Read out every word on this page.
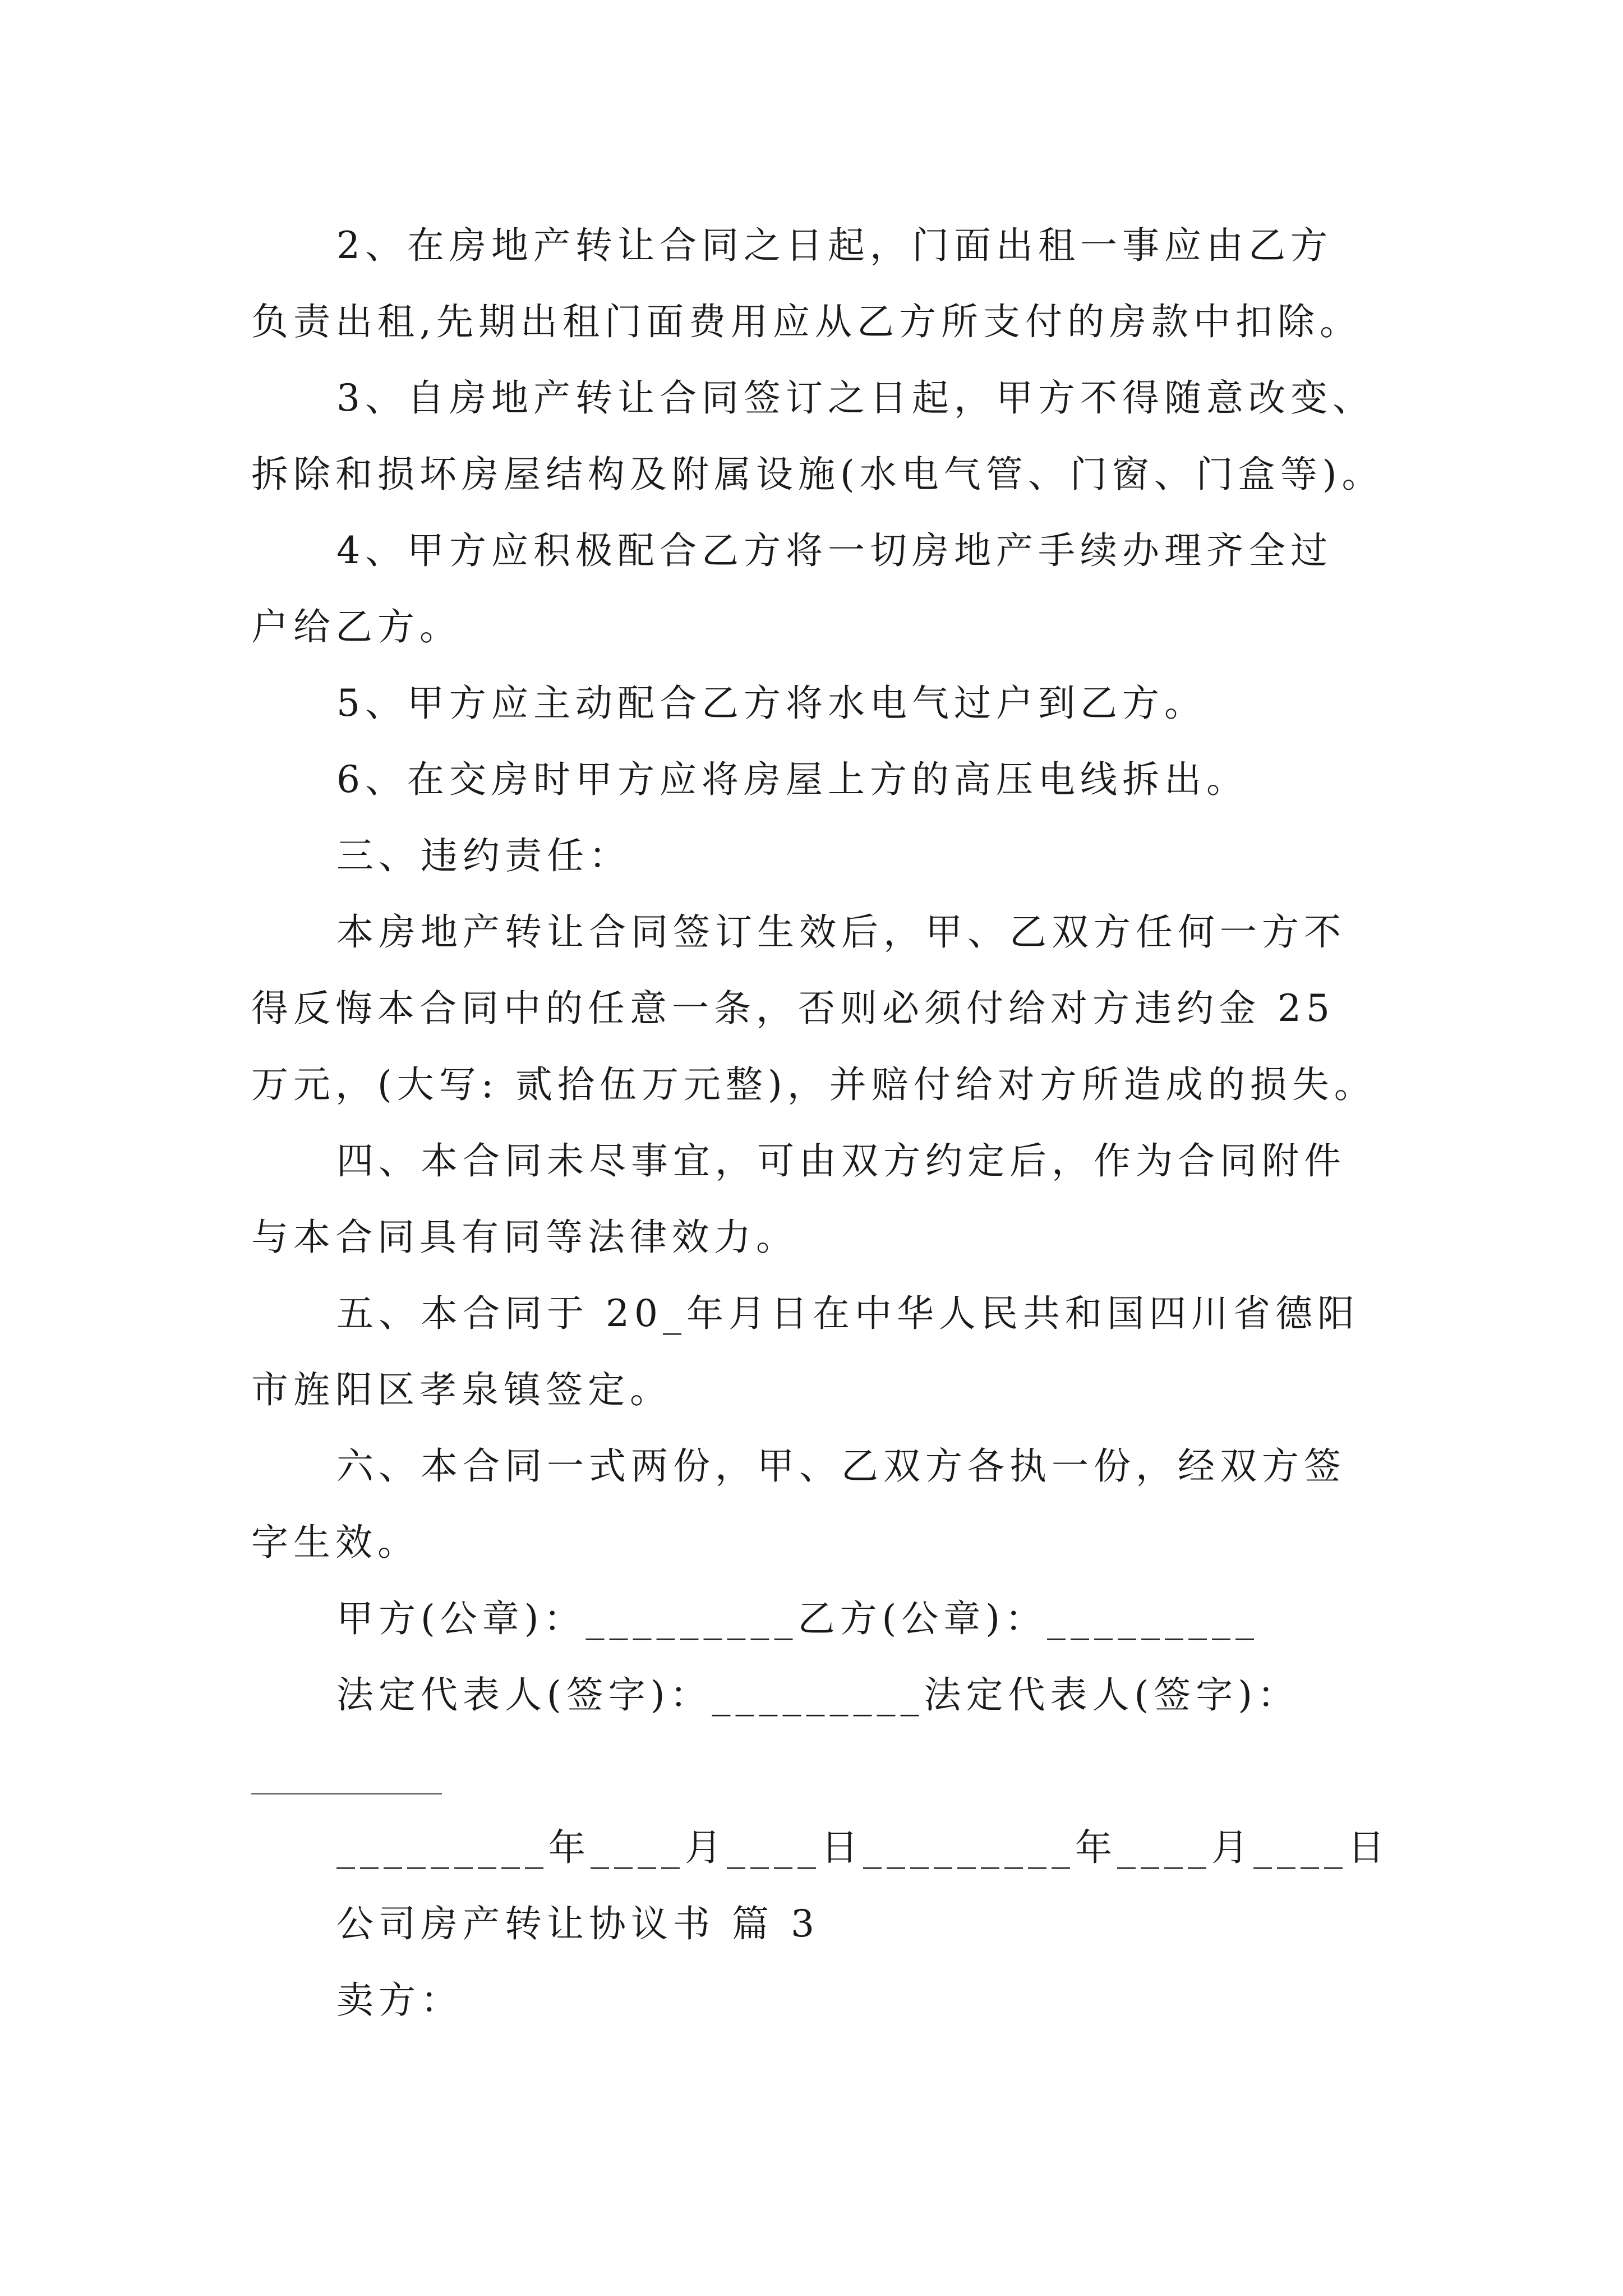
2、在房地产转让合同之日起，门面出租一事应由乙方
负责出租,先期出租门面费用应从乙方所支付的房款中扣除。
3、自房地产转让合同签订之日起，甲方不得随意改变、
拆除和损坏房屋结构及附属设施(水电气管、门窗、门盒等)。
4、甲方应积极配合乙方将一切房地产手续办理齐全过
户给乙方。
5、甲方应主动配合乙方将水电气过户到乙方。
6、在交房时甲方应将房屋上方的高压电线拆出。
三、违约责任：
本房地产转让合同签订生效后，甲、乙双方任何一方不
得反悔本合同中的任意一条，否则必须付给对方违约金 25
万元，(大写: 贰拾伍万元整)，并赔付给对方所造成的损失。
四、本合同未尽事宜，可由双方约定后，作为合同附件
与本合同具有同等法律效力。
五、本合同于 20_年月日在中华人民共和国四川省德阳
市旌阳区孝泉镇签定。
六、本合同一式两份，甲、乙双方各执一份，经双方签
字生效。
甲方(公章)：_________乙方(公章)：_________
法定代表人(签字)：_________法定代表人(签字)：
_________年____月____日_________年____月____日
公司房产转让协议书 篇 3
卖方：
